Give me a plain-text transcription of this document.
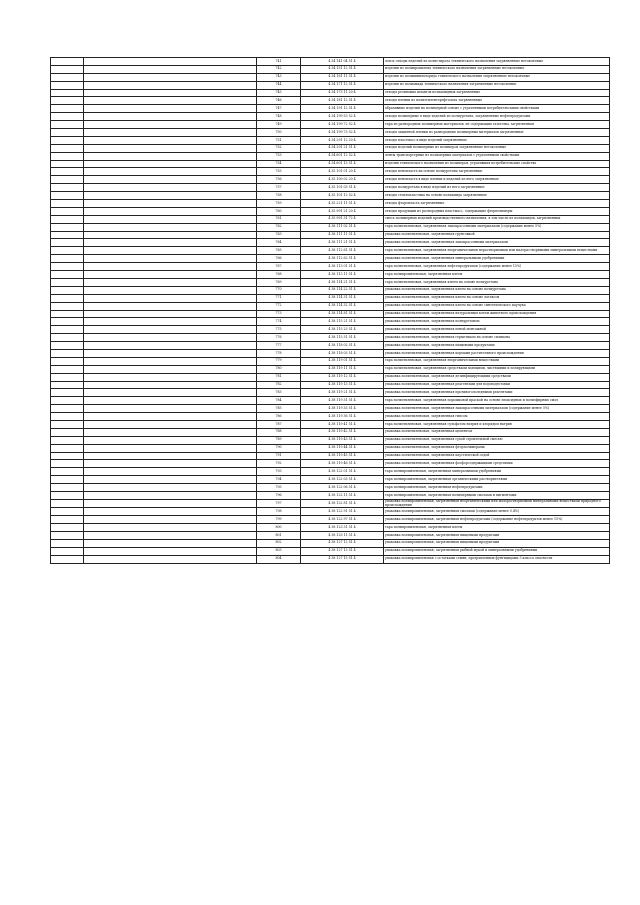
		741	4 34 141 04 51 4	лом и отходы изделий из полистирола технического назначения загрязненные нетоксичные
		742	4 34 151 12 51 4	изделия из полипропилена технического назначения загрязненные нетоксичные
		743	4 34 161 11 51 4	изделия из поливинилхлорида технического назначения загрязненные нетоксичные
		744	4 34 171 12 51 4	изделия из полиамида технического назначения загрязненные нетоксичные
		745	4 34 173 11 20 4	отходы резиновых шлангов полиамидных загрязненные
		746	4 34 181 12 51 4	отходы пленки из полиэтилентерефталата загрязненные
		747	4 34 191 12 51 4	абразивные изделия на полимерной основе с утраченными потребительскими свойствами
		748	4 34 199 53 52 4	отходы полимерные в виде изделий из полиуретана, загрязненные нефтепродуктами
		749	4 34 199 72 52 4	тара из разнородных полимерных материалов, не содержащих галогены, загрязненная
		750	4 34 199 73 52 4	отходы защитной пленки из разнородных полимерных материалов загрязненные
		751	4 34 291 12 20 4	отходы пластмасс в виде изделий загрязненные
		752	4 34 291 21 51 4	отходы изделий полимерных из полимеров загрязненные нетоксичные
		753	4 34 601 12 52 4	ленты транспортерные из полимерных материалов с утраченными свойствами
		754	4 34 601 13 51 4	изделия технического назначения из полимеров, утративших потребительские свойства
		755	4 35 101 01 20 4	отходы пенопласта на основе полиуретана загрязненные
		756	4 35 100 02 20 4	отходы пенопласта в виде пленки и изделий из него загрязненные
		757	4 35 101 03 51 4	отходы полиуретана в виде изделий из него загрязненные
		758	4 35 101 12 52 4	отходы стеклопластика на основе полиамида загрязненные
		759	4 35 221 11 51 4	отходы фторопласта загрязненные
		760	4 35 991 21 20 4	отходы продукции из разнородных пластмасс, содержащие фторполимеры
		761	4 35 991 31 72 4	смесь полимерных изделий производственного назначения, в том числе из полиамидов, загрязненных
		762	4 38 111 02 51 4	тара полиэтиленовая, загрязненная лакокрасочными материалами (содержание менее 5%)
		763	4 38 111 11 51 4	упаковка полиэтиленовая, загрязненная грунтовкой
		764	4 38 111 21 51 4	упаковка полиэтиленовая, загрязненная лакокрасочными материалами
		765	4 38 112 61 51 4	тара полиэтиленовая, загрязненная неорганическими нерастворимыми или малорастворимыми минеральными веществами
		766	4 38 112 62 51 4	упаковка полиэтиленовая, загрязненная минеральными удобрениями
		767	4 38 113 01 51 4	тара полиэтиленовая, загрязненная нефтепродуктами (содержание менее 15%)
		768	4 38 113 11 51 4	тара полипропиленовая, загрязненная клеем
		769	4 38 114 21 51 4	тара полиэтиленовая, загрязненная клеем на основе полиуретана
		770	4 38 114 22 51 4	упаковка полиэтиленовая, загрязненная клеем на основе полиуретана
		771	4 38 114 31 51 4	упаковка полиэтиленовая, загрязненная клеем на основе латексов
		772	4 38 114 32 51 4	упаковка полиэтиленовая, загрязненная клеем на основе синтетического каучука
		773	4 38 114 81 51 4	упаковка полиэтиленовая, загрязненная натуральным клеем животного происхождения
		774	4 38 115 21 51 4	упаковка полиэтиленовая, загрязненная полиуретаном
		775	4 38 115 23 51 4	упаковка полиэтиленовая, загрязненная пеной монтажной
		776	4 38 115 31 51 4	упаковка полиэтиленовая, загрязненная герметиком на основе силикона
		777	4 38 118 02 51 4	упаковка полиэтиленовая, загрязненная пищевыми продуктами
		778	4 38 118 03 51 4	упаковка полиэтиленовая, загрязненная кормами растительного происхождения
		779	4 38 119 01 51 4	тара полиэтиленовая, загрязненная неорганическими веществами
		780	4 38 119 11 51 4	тара полиэтиленовая, загрязненная средствами моющими, чистящими и полирующими
		781	4 38 119 12 51 4	упаковка полиэтиленовая, загрязненная дезинфицирующими средствами
		782	4 38 119 13 51 4	упаковка полиэтиленовая, загрязненная реагентами для водоподготовки
		783	4 38 119 21 51 4	упаковка полиэтиленовая, загрязненная противогололедными реагентами
		784	4 38 119 31 51 4	тара полиэтиленовая, загрязненная порошковой краской на основе эпоксидных и полиэфирных смол
		785	4 38 119 33 51 4	упаковка полиэтиленовая, загрязненная лакокрасочными материалами (содержание менее 5%)
		786	4 38 119 36 51 4	упаковка полиэтиленовая, загрязненная гипсом
		787	4 38 119 41 51 4	тара полиэтиленовая, загрязненная сульфатом натрия и хлоридом натрия
		788	4 38 119 42 51 4	упаковка полиэтиленовая, загрязненная цементом
		789	4 38 119 43 51 4	упаковка полиэтиленовая, загрязненная сухой строительной смесью
		790	4 38 119 44 51 4	упаковка полиэтиленовая, загрязненная фторполимерами
		791	4 38 119 45 51 4	упаковка полиэтиленовая, загрязненная каустической содой
		792	4 38 119 46 51 4	упаковка полиэтиленовая, загрязненная фосфорсодержащими средствами
		793	4 38 122 01 51 4	тара полипропиленовая, загрязненная минеральными удобрениями
		794	4 38 122 03 51 4	тара полипропиленовая, загрязненная органическими растворителями
		795	4 38 122 06 51 4	тара полипропиленовая, загрязненная нефтепродуктами
		796	4 38 122 11 51 4	тара полипропиленовая, загрязненная полимерными смолами и пигментами
		797	4 38 122 81 51 4	упаковка полипропиленовая, загрязненная неорганическими или малорастворимыми минеральными веществами природного происхождения
		798	4 38 122 91 51 4	упаковка полипропиленовая, загрязненная смолами (содержание менее 0.4%)
		799	4 38 122 97 51 4	упаковка полипропиленовая, загрязненная нефтепродуктами (содержание нефтепродуктов менее 15%)
		800	4 38 123 31 51 4	тара полипропиленовая, загрязненная клеем
		801	4 38 125 11 51 4	упаковка полипропиленовая, загрязненная пищевыми продуктами
		802	4 38 127 12 51 4	упаковка полипропиленовая, загрязненная пищевыми продуктами
		803	4 38 127 13 51 4	упаковка полипропиленовая, загрязненная рыбной мукой и минеральными удобрениями
		804	4 38 127 15 51 4	упаковка полипропиленовая с остатками семян, протравленных фунгицидами 3 класса опасности
